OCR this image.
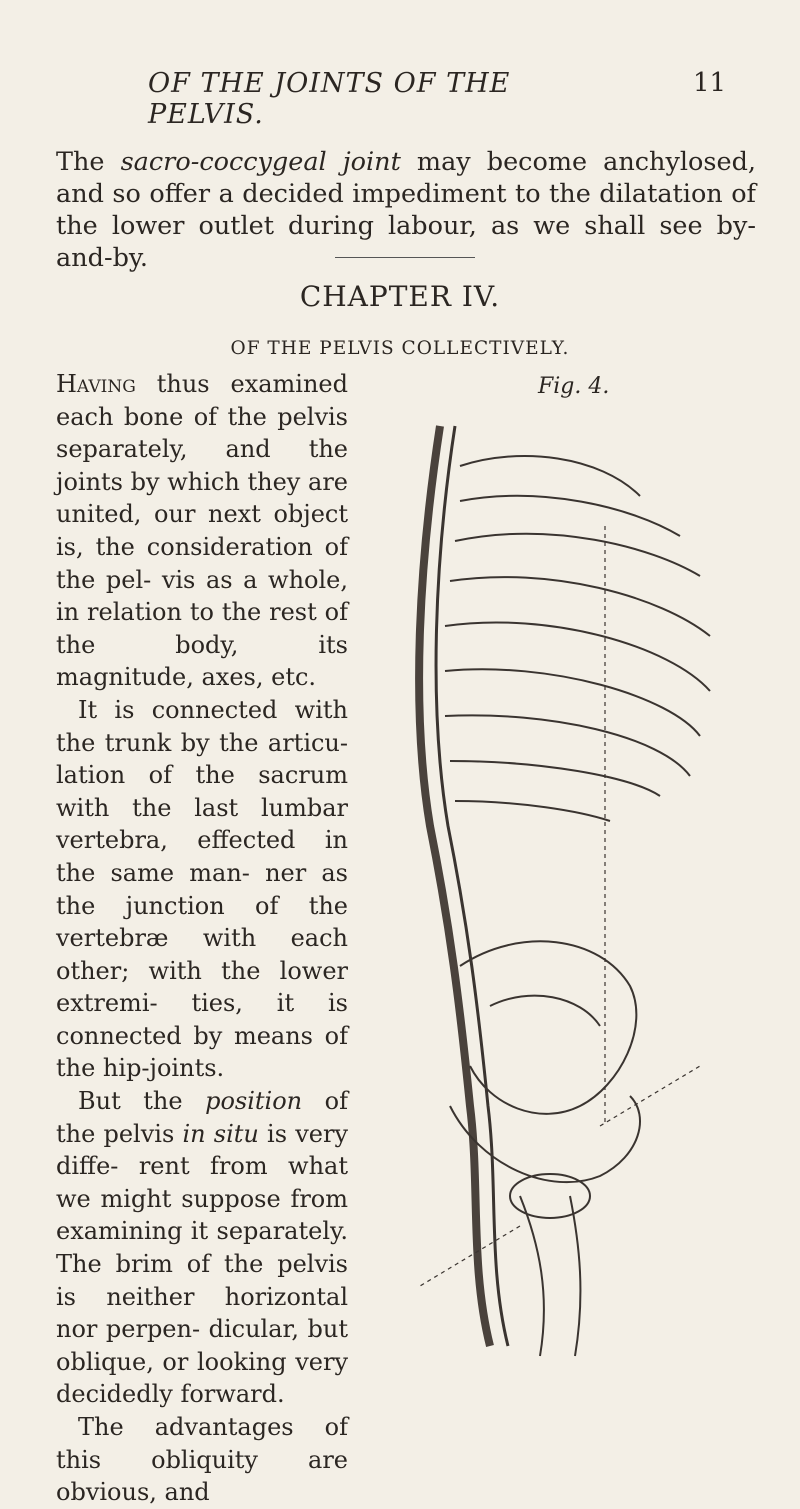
OF THE JOINTS OF THE PELVIS.
11

The sacro-coccygeal joint may become anchylosed, and so offer a decided impediment to the dilatation of the lower outlet during labour, as we shall see by-and-by.

CHAPTER IV.
OF THE PELVIS COLLECTIVELY.

Having thus examined each bone of the pelvis separately, and the joints by which they are united, our next object is, the consideration of the pel- vis as a whole, in relation to the rest of the body, its magnitude, axes, etc.

It is connected with the trunk by the articu- lation of the sacrum with the last lumbar vertebra, effected in the same man- ner as the junction of the vertebræ with each other; with the lower extremi- ties, it is connected by means of the hip-joints.

But the position of the pelvis in situ is very diffe- rent from what we might suppose from examining it separately. The brim of the pelvis is neither horizontal nor perpen- dicular, but oblique, or looking very decidedly forward.

The advantages of this obliquity are obvious, and

Fig. 4.
